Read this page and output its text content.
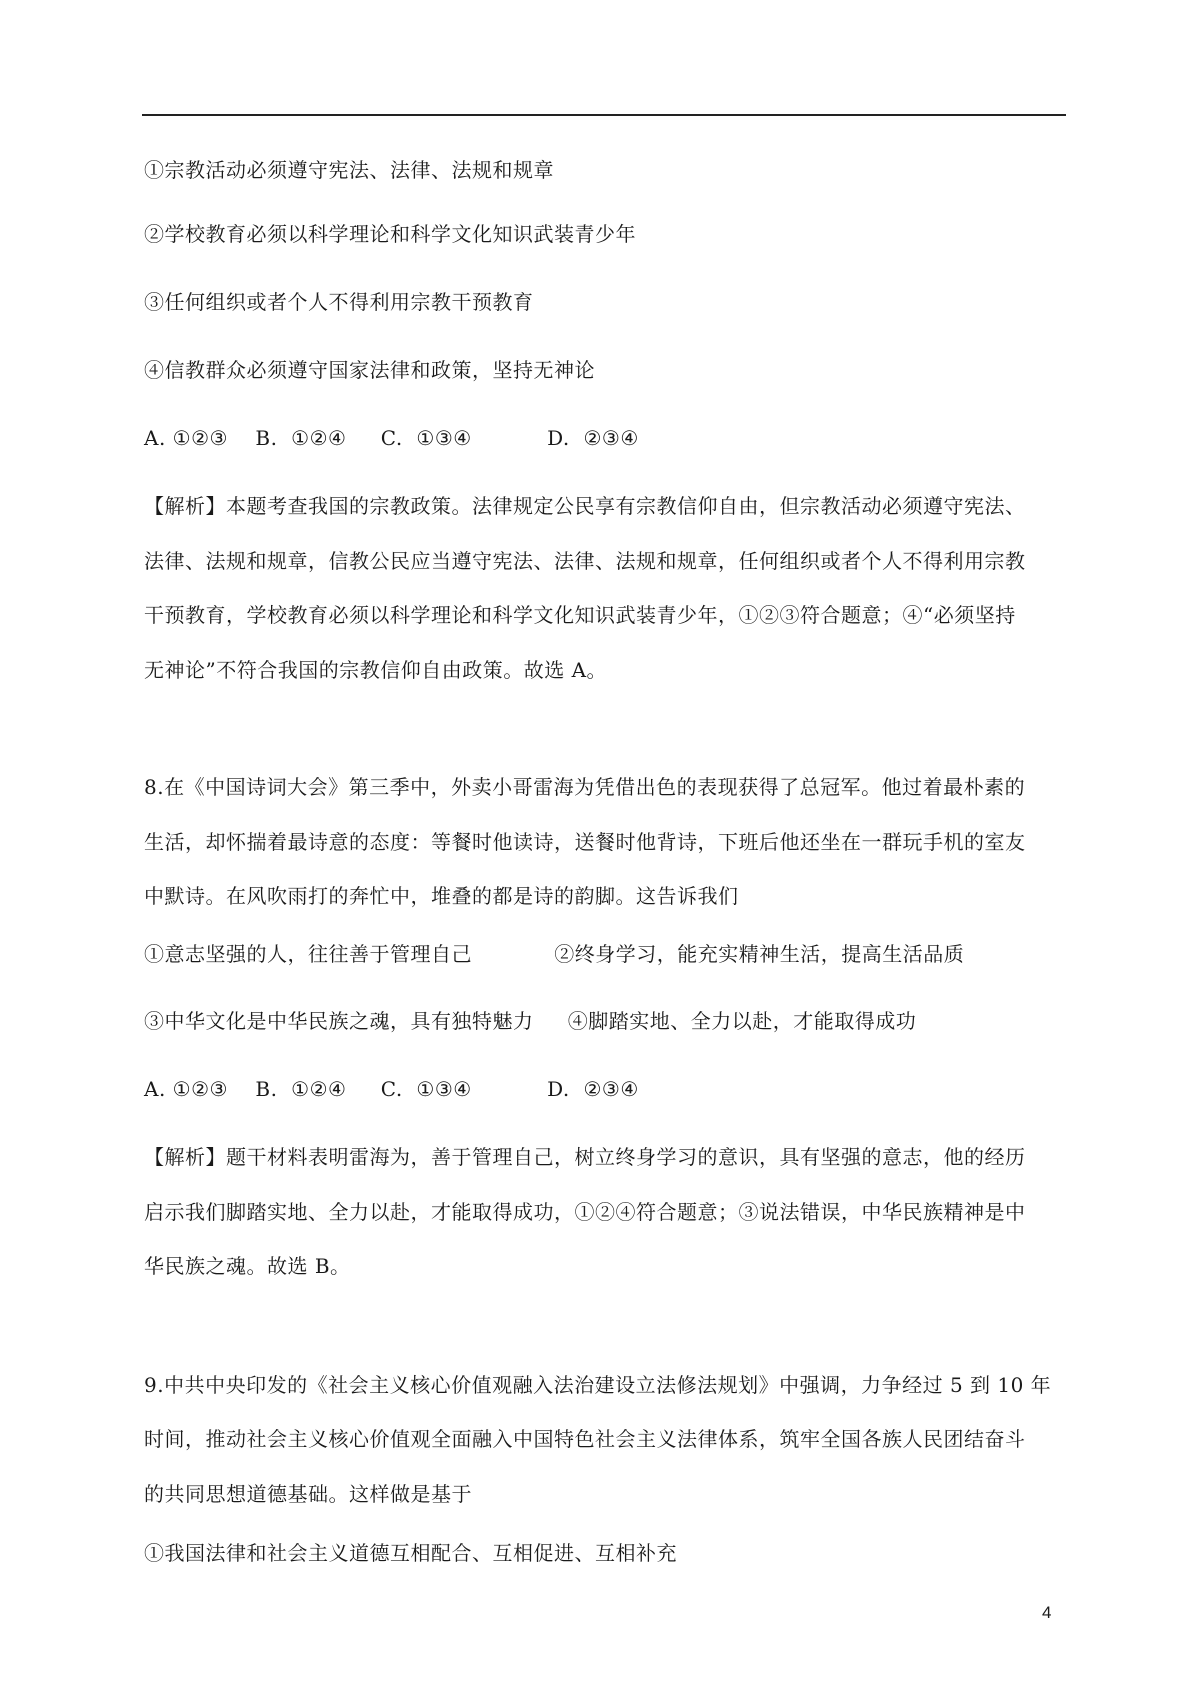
①宗教活动必须遵守宪法、法律、法规和规章
②学校教育必须以科学理论和科学文化知识武装青少年
③任何组织或者个人不得利用宗教干预教育
④信教群众必须遵守国家法律和政策，坚持无神论
A. ①②③    B.  ①②④     C.  ①③④           D.  ②③④
【解析】本题考查我国的宗教政策。法律规定公民享有宗教信仰自由，但宗教活动必须遵守宪法、
法律、法规和规章，信教公民应当遵守宪法、法律、法规和规章，任何组织或者个人不得利用宗教
干预教育，学校教育必须以科学理论和科学文化知识武装青少年，①②③符合题意；④“必须坚持
无神论”不符合我国的宗教信仰自由政策。故选 A。
8.在《中国诗词大会》第三季中，外卖小哥雷海为凭借出色的表现获得了总冠军。他过着最朴素的
生活，却怀揣着最诗意的态度：等餐时他读诗，送餐时他背诗，下班后他还坐在一群玩手机的室友
中默诗。在风吹雨打的奔忙中，堆叠的都是诗的韵脚。这告诉我们
①意志坚强的人，往往善于管理自己            ②终身学习，能充实精神生活，提高生活品质
③中华文化是中华民族之魂，具有独特魅力     ④脚踏实地、全力以赴，才能取得成功
A. ①②③    B.  ①②④     C.  ①③④           D.  ②③④
【解析】题干材料表明雷海为，善于管理自己，树立终身学习的意识，具有坚强的意志，他的经历
启示我们脚踏实地、全力以赴，才能取得成功，①②④符合题意；③说法错误，中华民族精神是中
华民族之魂。故选 B。
9.中共中央印发的《社会主义核心价值观融入法治建设立法修法规划》中强调，力争经过 5 到 10 年
时间，推动社会主义核心价值观全面融入中国特色社会主义法律体系，筑牢全国各族人民团结奋斗
的共同思想道德基础。这样做是基于
①我国法律和社会主义道德互相配合、互相促进、互相补充
4
